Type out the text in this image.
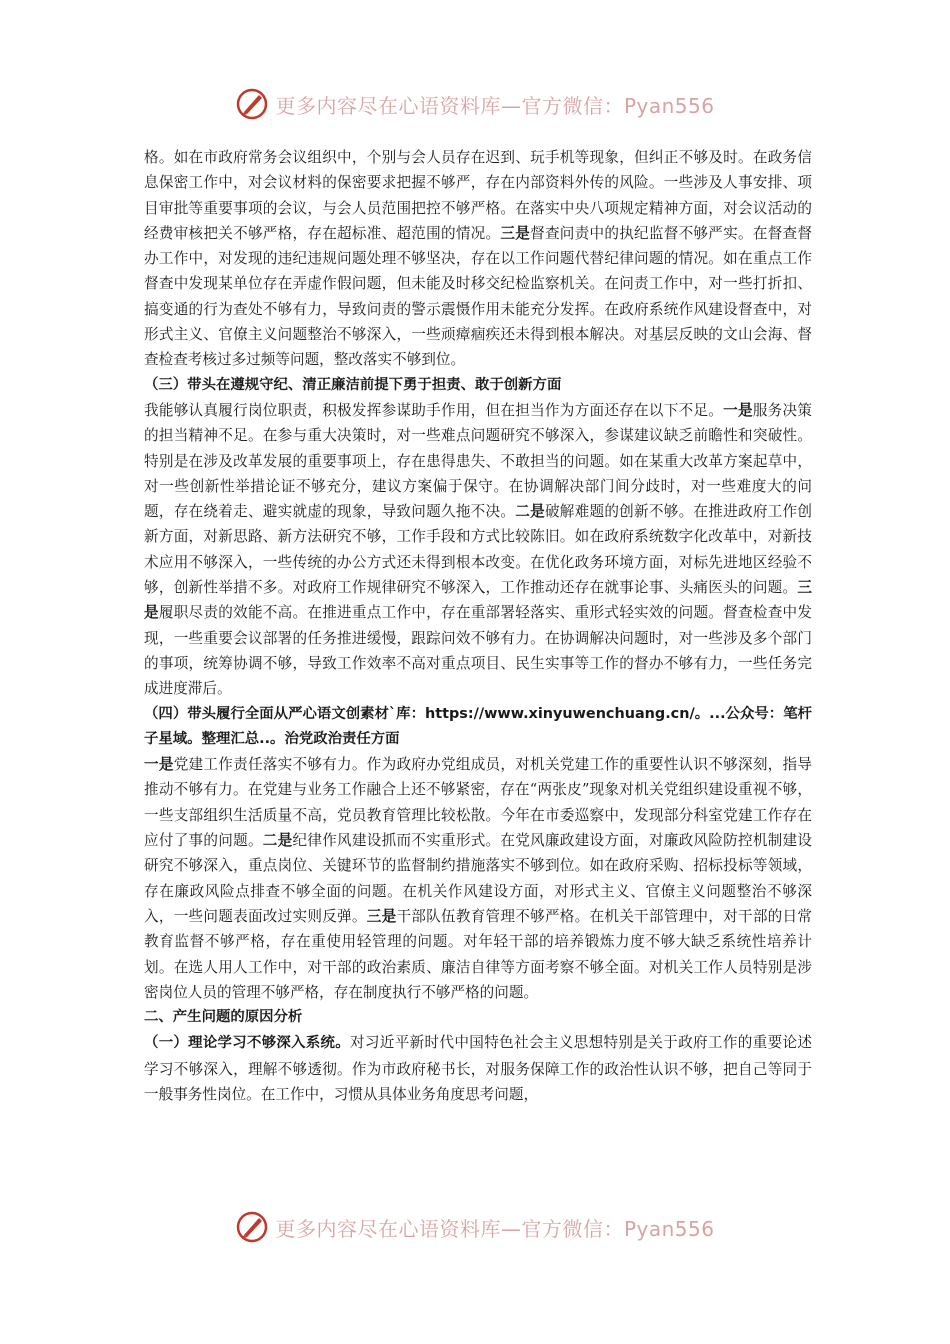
更多内容尽在心语资料库—官方微信：Pyan556

格。如在市政府常务会议组织中，个别与会人员存在迟到、玩手机等现象，但纠正不够及时。在政务信息保密工作中，对会议材料的保密要求把握不够严，存在内部资料外传的风险。一些涉及人事安排、项目审批等重要事项的会议，与会人员范围把控不够严格。在落实中央八项规定精神方面，对会议活动的经费审核把关不够严格，存在超标准、超范围的情况。三是督查问责中的执纪监督不够严实。在督查督办工作中，对发现的违纪违规问题处理不够坚决，存在以工作问题代替纪律问题的情况。如在重点工作督查中发现某单位存在弄虚作假问题，但未能及时移交纪检监察机关。在问责工作中，对一些打折扣、搞变通的行为查处不够有力，导致问责的警示震慑作用未能充分发挥。在政府系统作风建设督查中，对形式主义、官僚主义问题整治不够深入，一些顽瘴痼疾还未得到根本解决。对基层反映的文山会海、督查检查考核过多过频等问题，整改落实不够到位。

（三）带头在遵规守纪、清正廉洁前提下勇于担责、敢于创新方面

我能够认真履行岗位职责，积极发挥参谋助手作用，但在担当作为方面还存在以下不足。一是服务决策的担当精神不足。在参与重大决策时，对一些难点问题研究不够深入，参谋建议缺乏前瞻性和突破性。特别是在涉及改革发展的重要事项上，存在患得患失、不敢担当的问题。如在某重大改革方案起草中，对一些创新性举措论证不够充分，建议方案偏于保守。在协调解决部门间分歧时，对一些难度大的问题，存在绕着走、避实就虚的现象，导致问题久拖不决。二是破解难题的创新不够。在推进政府工作创新方面，对新思路、新方法研究不够，工作手段和方式比较陈旧。如在政府系统数字化改革中，对新技术应用不够深入，一些传统的办公方式还未得到根本改变。在优化政务环境方面，对标先进地区经验不够，创新性举措不多。对政府工作规律研究不够深入，工作推动还存在就事论事、头痛医头的问题。三是履职尽责的效能不高。在推进重点工作中，存在重部署轻落实、重形式轻实效的问题。督查检查中发现，一些重要会议部署的任务推进缓慢，跟踪问效不够有力。在协调解决问题时，对一些涉及多个部门的事项，统筹协调不够，导致工作效率不高对重点项目、民生实事等工作的督办不够有力，一些任务完成进度滞后。

（四）带头履行全面从严心语文创素材`库：https://www.xinyuwenchuang.cn/。...公众号：笔杆子星域。整理汇总..。治党政治责任方面

一是党建工作责任落实不够有力。作为政府办党组成员，对机关党建工作的重要性认识不够深刻，指导推动不够有力。在党建与业务工作融合上还不够紧密，存在“两张皮”现象对机关党组织建设重视不够，一些支部组织生活质量不高，党员教育管理比较松散。今年在市委巡察中，发现部分科室党建工作存在应付了事的问题。二是纪律作风建设抓而不实重形式。在党风廉政建设方面，对廉政风险防控机制建设研究不够深入，重点岗位、关键环节的监督制约措施落实不够到位。如在政府采购、招标投标等领域，存在廉政风险点排查不够全面的问题。在机关作风建设方面，对形式主义、官僚主义问题整治不够深入，一些问题表面改过实则反弹。三是干部队伍教育管理不够严格。在机关干部管理中，对干部的日常教育监督不够严格，存在重使用轻管理的问题。对年轻干部的培养锻炼力度不够大缺乏系统性培养计划。在选人用人工作中，对干部的政治素质、廉洁自律等方面考察不够全面。对机关工作人员特别是涉密岗位人员的管理不够严格，存在制度执行不够严格的问题。

二、产生问题的原因分析

（一）理论学习不够深入系统。对习近平新时代中国特色社会主义思想特别是关于政府工作的重要论述学习不够深入，理解不够透彻。作为市政府秘书长，对服务保障工作的政治性认识不够，把自己等同于一般事务性岗位。在工作中，习惯从具体业务角度思考问题，

更多内容尽在心语资料库—官方微信：Pyan556
